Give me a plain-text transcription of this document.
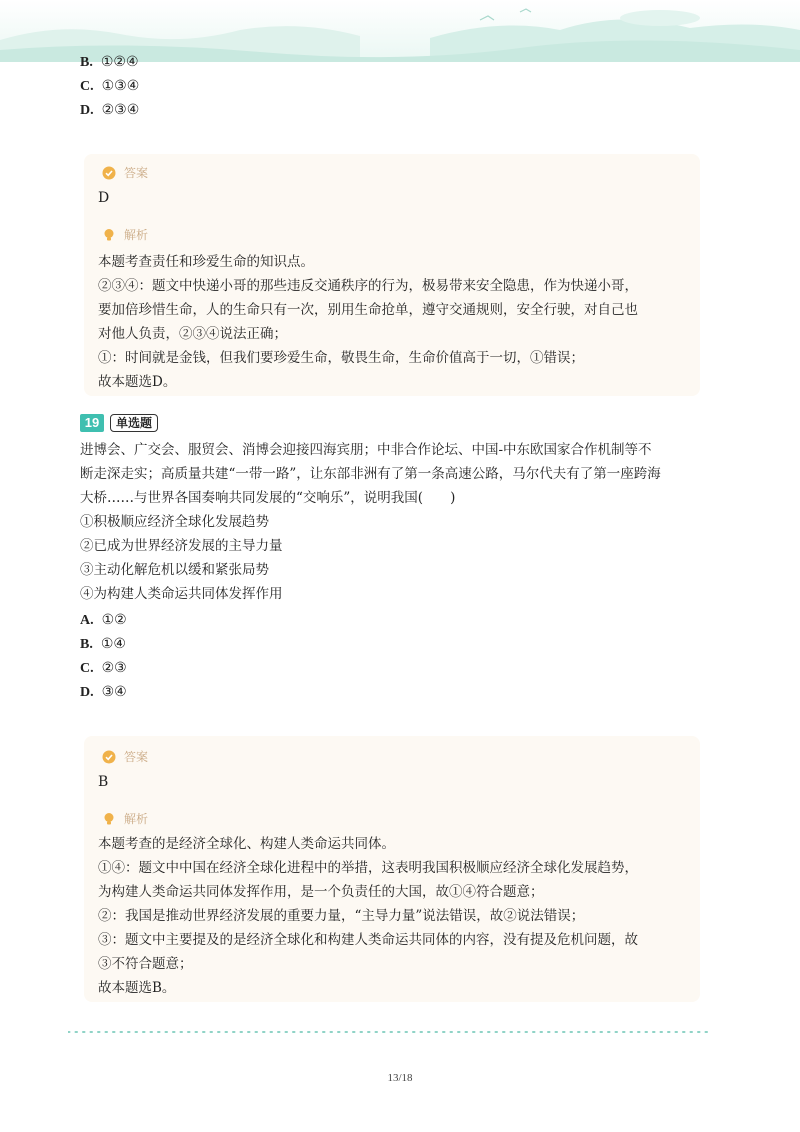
B. ①②④
C. ①③④
D. ②③④
答案
D
解析
本题考查责任和珍爱生命的知识点。
②③④：题文中快递小哥的那些违反交通秩序的行为，极易带来安全隐患，作为快递小哥，
要加倍珍惜生命，人的生命只有一次，别用生命抢单，遵守交通规则，安全行驶，对自己也
对他人负责，②③④说法正确；
①：时间就是金钱，但我们要珍爱生命，敬畏生命，生命价值高于一切，①错误；
故本题选D。
19	单选题
进博会、广交会、服贸会、消博会迎接四海宾朋；中非合作论坛、中国-中东欧国家合作机制等不
断走深走实；高质量共建“一带一路”，让东部非洲有了第一条高速公路，马尔代夫有了第一座跨海
大桥……与世界各国奏响共同发展的“交响乐”，说明我国(　　)
①积极顺应经济全球化发展趋势
②已成为世界经济发展的主导力量
③主动化解危机以缓和紧张局势
④为构建人类命运共同体发挥作用
A. ①②
B. ①④
C. ②③
D. ③④
答案
B
解析
本题考查的是经济全球化、构建人类命运共同体。
①④：题文中中国在经济全球化进程中的举措，这表明我国积极顺应经济全球化发展趋势，
为构建人类命运共同体发挥作用，是一个负责任的大国，故①④符合题意；
②：我国是推动世界经济发展的重要力量，“主导力量”说法错误，故②说法错误；
③：题文中主要提及的是经济全球化和构建人类命运共同体的内容，没有提及危机问题，故
③不符合题意；
故本题选B。
13/18
